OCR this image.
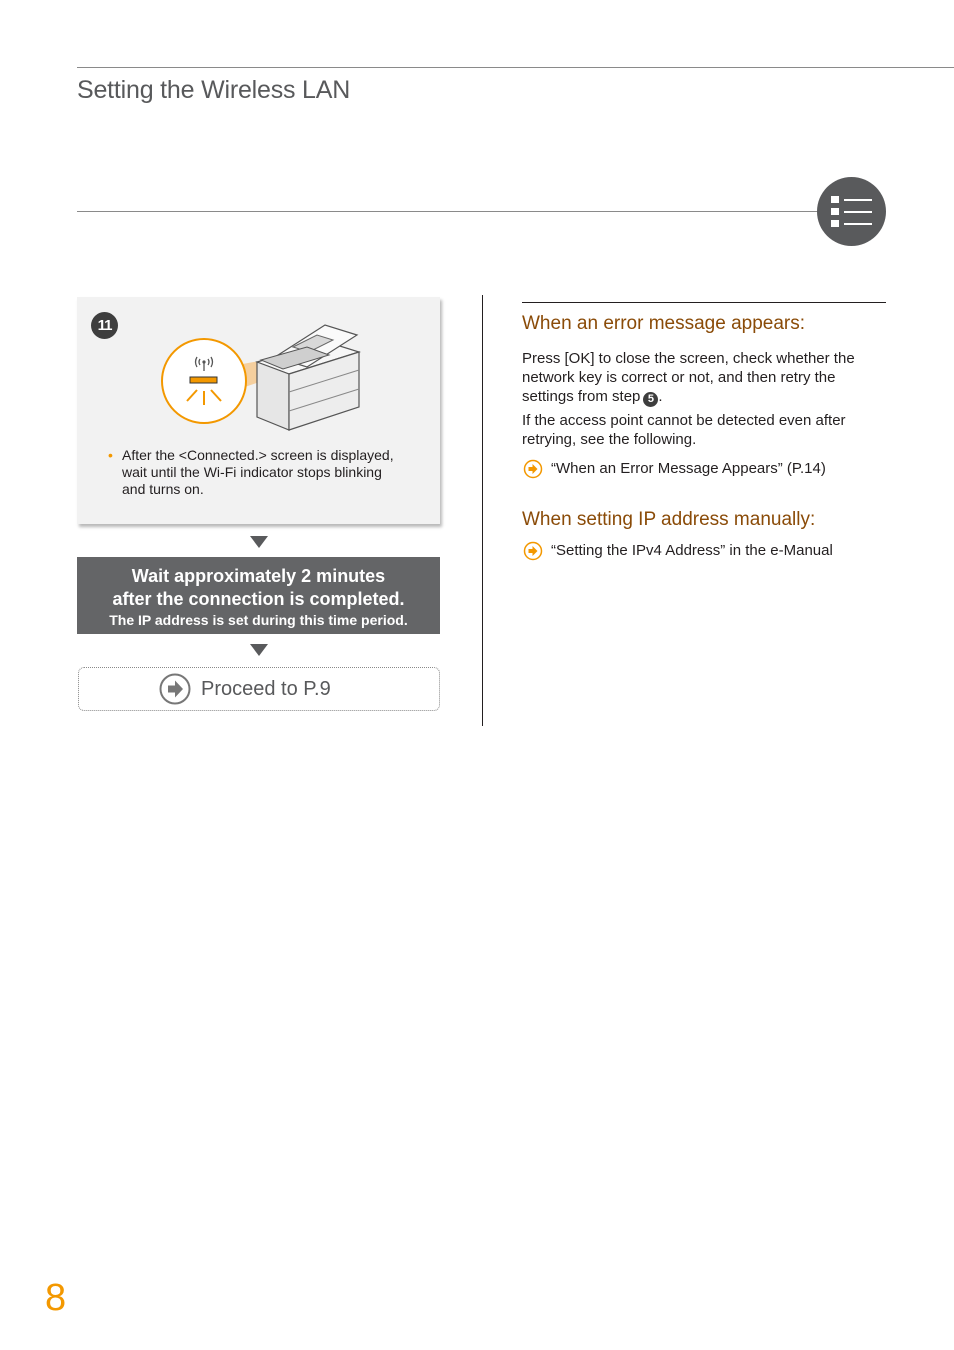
Setting the Wireless LAN
11
• After the <Connected.> screen is displayed,
wait until the Wi-Fi indicator stops blinking
and turns on.
Wait approximately 2 minutes
after the connection is completed.
The IP address is set during this time period.
Proceed to P.9
When an error message appears:
Press [OK] to close the screen, check whether the
network key is correct or not, and then retry the
settings from step 5 .
If the access point cannot be detected even after
retrying, see the following.
“When an Error Message Appears” (P.14)
When setting IP address manually:
“Setting the IPv4 Address” in the e-Manual
8
